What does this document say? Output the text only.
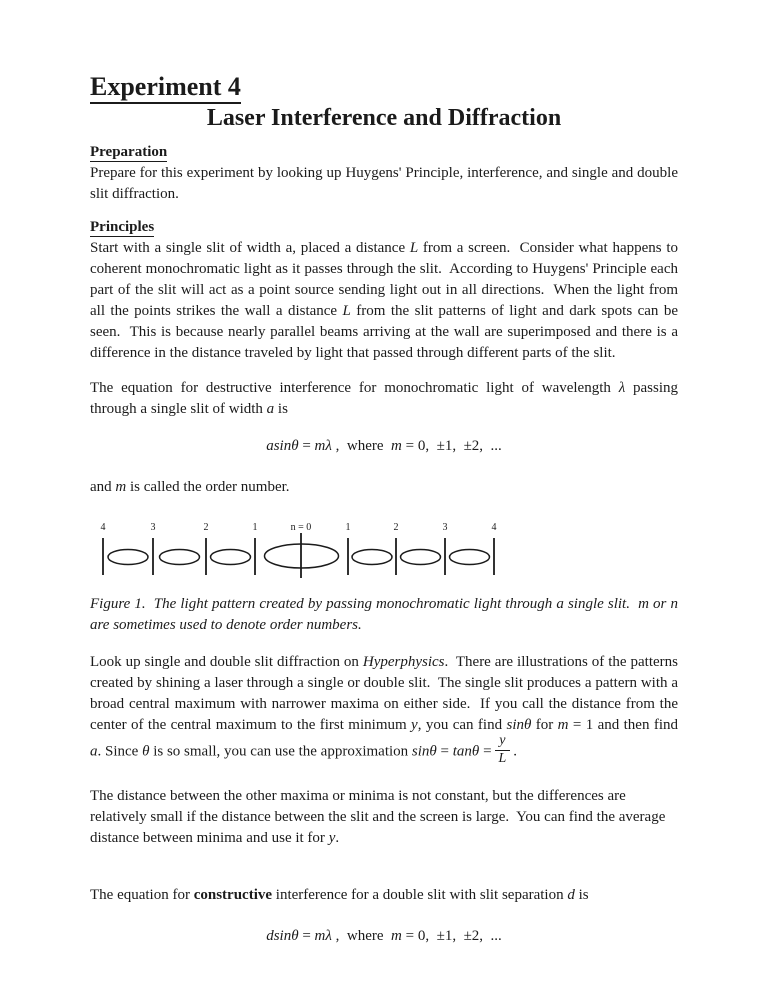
Experiment 4
Laser Interference and Diffraction
Preparation

Prepare for this experiment by looking up Huygens' Principle, interference, and single and double slit diffraction.

Principles

Start with a single slit of width a, placed a distance L from a screen.  Consider what happens to coherent monochromatic light as it passes through the slit.  According to Huygens' Principle each part of the slit will act as a point source sending light out in all directions.  When the light from all the points strikes the wall a distance L from the slit patterns of light and dark spots can be seen.  This is because nearly parallel beams arriving at the wall are superimposed and there is a difference in the distance traveled by light that passed through different parts of the slit.

The equation for destructive interference for monochromatic light of wavelength λ passing through a single slit of width a is

asinθ = mλ ,  where  m = 0,  ±1,  ±2,  ...

and m is called the order number.

4	3	2	1	n = 0	1	2	3	4

Figure 1.  The light pattern created by passing monochromatic light through a single slit.  m or n are sometimes used to denote order numbers.

Look up single and double slit diffraction on Hyperphysics.  There are illustrations of the patterns created by shining a laser through a single or double slit.  The single slit produces a pattern with a broad central maximum with narrower maxima on either side.  If you call the distance from the center of the central maximum to the first minimum y, you can find sinθ for m = 1 and then find a. Since θ is so small, you can use the approximation $\sin\theta = \tan\theta = \frac{y}{L}$ .

The distance between the other maxima or minima is not constant, but the differences are relatively small if the distance between the slit and the screen is large.  You can find the average distance between minima and use it for y.

The equation for constructive interference for a double slit with slit separation d is

dsinθ = mλ ,  where  m = 0,  ±1,  ±2,  ...
